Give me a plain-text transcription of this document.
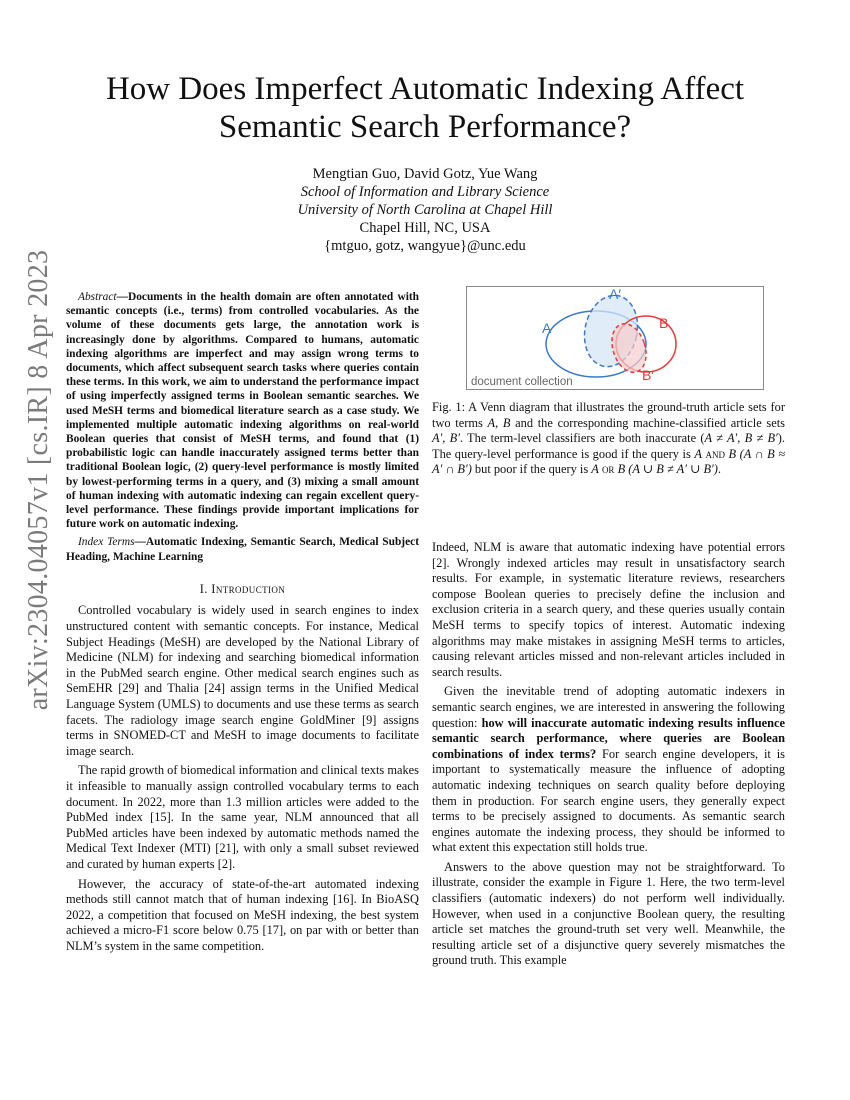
arXiv:2304.04057v1 [cs.IR] 8 Apr 2023
How Does Imperfect Automatic Indexing Affect
Semantic Search Performance?
Mengtian Guo, David Gotz, Yue Wang
School of Information and Library Science
University of North Carolina at Chapel Hill
Chapel Hill, NC, USA
{mtguo, gotz, wangyue}@unc.edu

Abstract—Documents in the health domain are often annotated with semantic concepts (i.e., terms) from controlled vocabularies. As the volume of these documents gets large, the annotation work is increasingly done by algorithms. Compared to humans, automatic indexing algorithms are imperfect and may assign wrong terms to documents, which affect subsequent search tasks where queries contain these terms. In this work, we aim to understand the performance impact of using imperfectly assigned terms in Boolean semantic searches. We used MeSH terms and biomedical literature search as a case study. We implemented multiple automatic indexing algorithms on real-world Boolean queries that consist of MeSH terms, and found that (1) probabilistic logic can handle inaccurately assigned terms better than traditional Boolean logic, (2) query-level performance is mostly limited by lowest-performing terms in a query, and (3) mixing a small amount of human indexing with automatic indexing can regain excellent query-level performance. These findings provide important implications for future work on automatic indexing.

Index Terms—Automatic Indexing, Semantic Search, Medical Subject Heading, Machine Learning

I. Introduction

Controlled vocabulary is widely used in search engines to index unstructured content with semantic concepts. For instance, Medical Subject Headings (MeSH) are developed by the National Library of Medicine (NLM) for indexing and searching biomedical information in the PubMed search engine. Other medical search engines such as SemEHR [29] and Thalia [24] assign terms in the Unified Medical Language System (UMLS) to documents and use these terms as search facets. The radiology image search engine GoldMiner [9] assigns terms in SNOMED-CT and MeSH to image documents to facilitate image search.

The rapid growth of biomedical information and clinical texts makes it infeasible to manually assign controlled vocabulary terms to each document. In 2022, more than 1.3 million articles were added to the PubMed index [15]. In the same year, NLM announced that all PubMed articles have been indexed by automatic methods named the Medical Text Indexer (MTI) [21], with only a small subset reviewed and curated by human experts [2].

However, the accuracy of state-of-the-art automated indexing methods still cannot match that of human indexing [16]. In BioASQ 2022, a competition that focused on MeSH indexing, the best system achieved a micro-F1 score below 0.75 [17], on par with or better than NLM’s system in the same competition.

A
A′
B
B′
document collection
Fig. 1: A Venn diagram that illustrates the ground-truth article sets for two terms A, B and the corresponding machine-classified article sets A′, B′. The term-level classifiers are both inaccurate (A ≠ A′, B ≠ B′). The query-level performance is good if the query is A and B (A ∩ B ≈ A′ ∩ B′) but poor if the query is A or B (A ∪ B ≠ A′ ∪ B′).

Indeed, NLM is aware that automatic indexing have potential errors [2]. Wrongly indexed articles may result in unsatisfactory search results. For example, in systematic literature reviews, researchers compose Boolean queries to precisely define the inclusion and exclusion criteria in a search query, and these queries usually contain MeSH terms to specify topics of interest. Automatic indexing algorithms may make mistakes in assigning MeSH terms to articles, causing relevant articles missed and non-relevant articles included in search results.

Given the inevitable trend of adopting automatic indexers in semantic search engines, we are interested in answering the following question: how will inaccurate automatic indexing results influence semantic search performance, where queries are Boolean combinations of index terms? For search engine developers, it is important to systematically measure the influence of adopting automatic indexing techniques on search quality before deploying them in production. For search engine users, they generally expect terms to be precisely assigned to documents. As semantic search engines automate the indexing process, they should be informed to what extent this expectation still holds true.

Answers to the above question may not be straightforward. To illustrate, consider the example in Figure 1. Here, the two term-level classifiers (automatic indexers) do not perform well individually. However, when used in a conjunctive Boolean query, the resulting article set matches the ground-truth set very well. Meanwhile, the resulting article set of a disjunctive query severely mismatches the ground truth. This example
